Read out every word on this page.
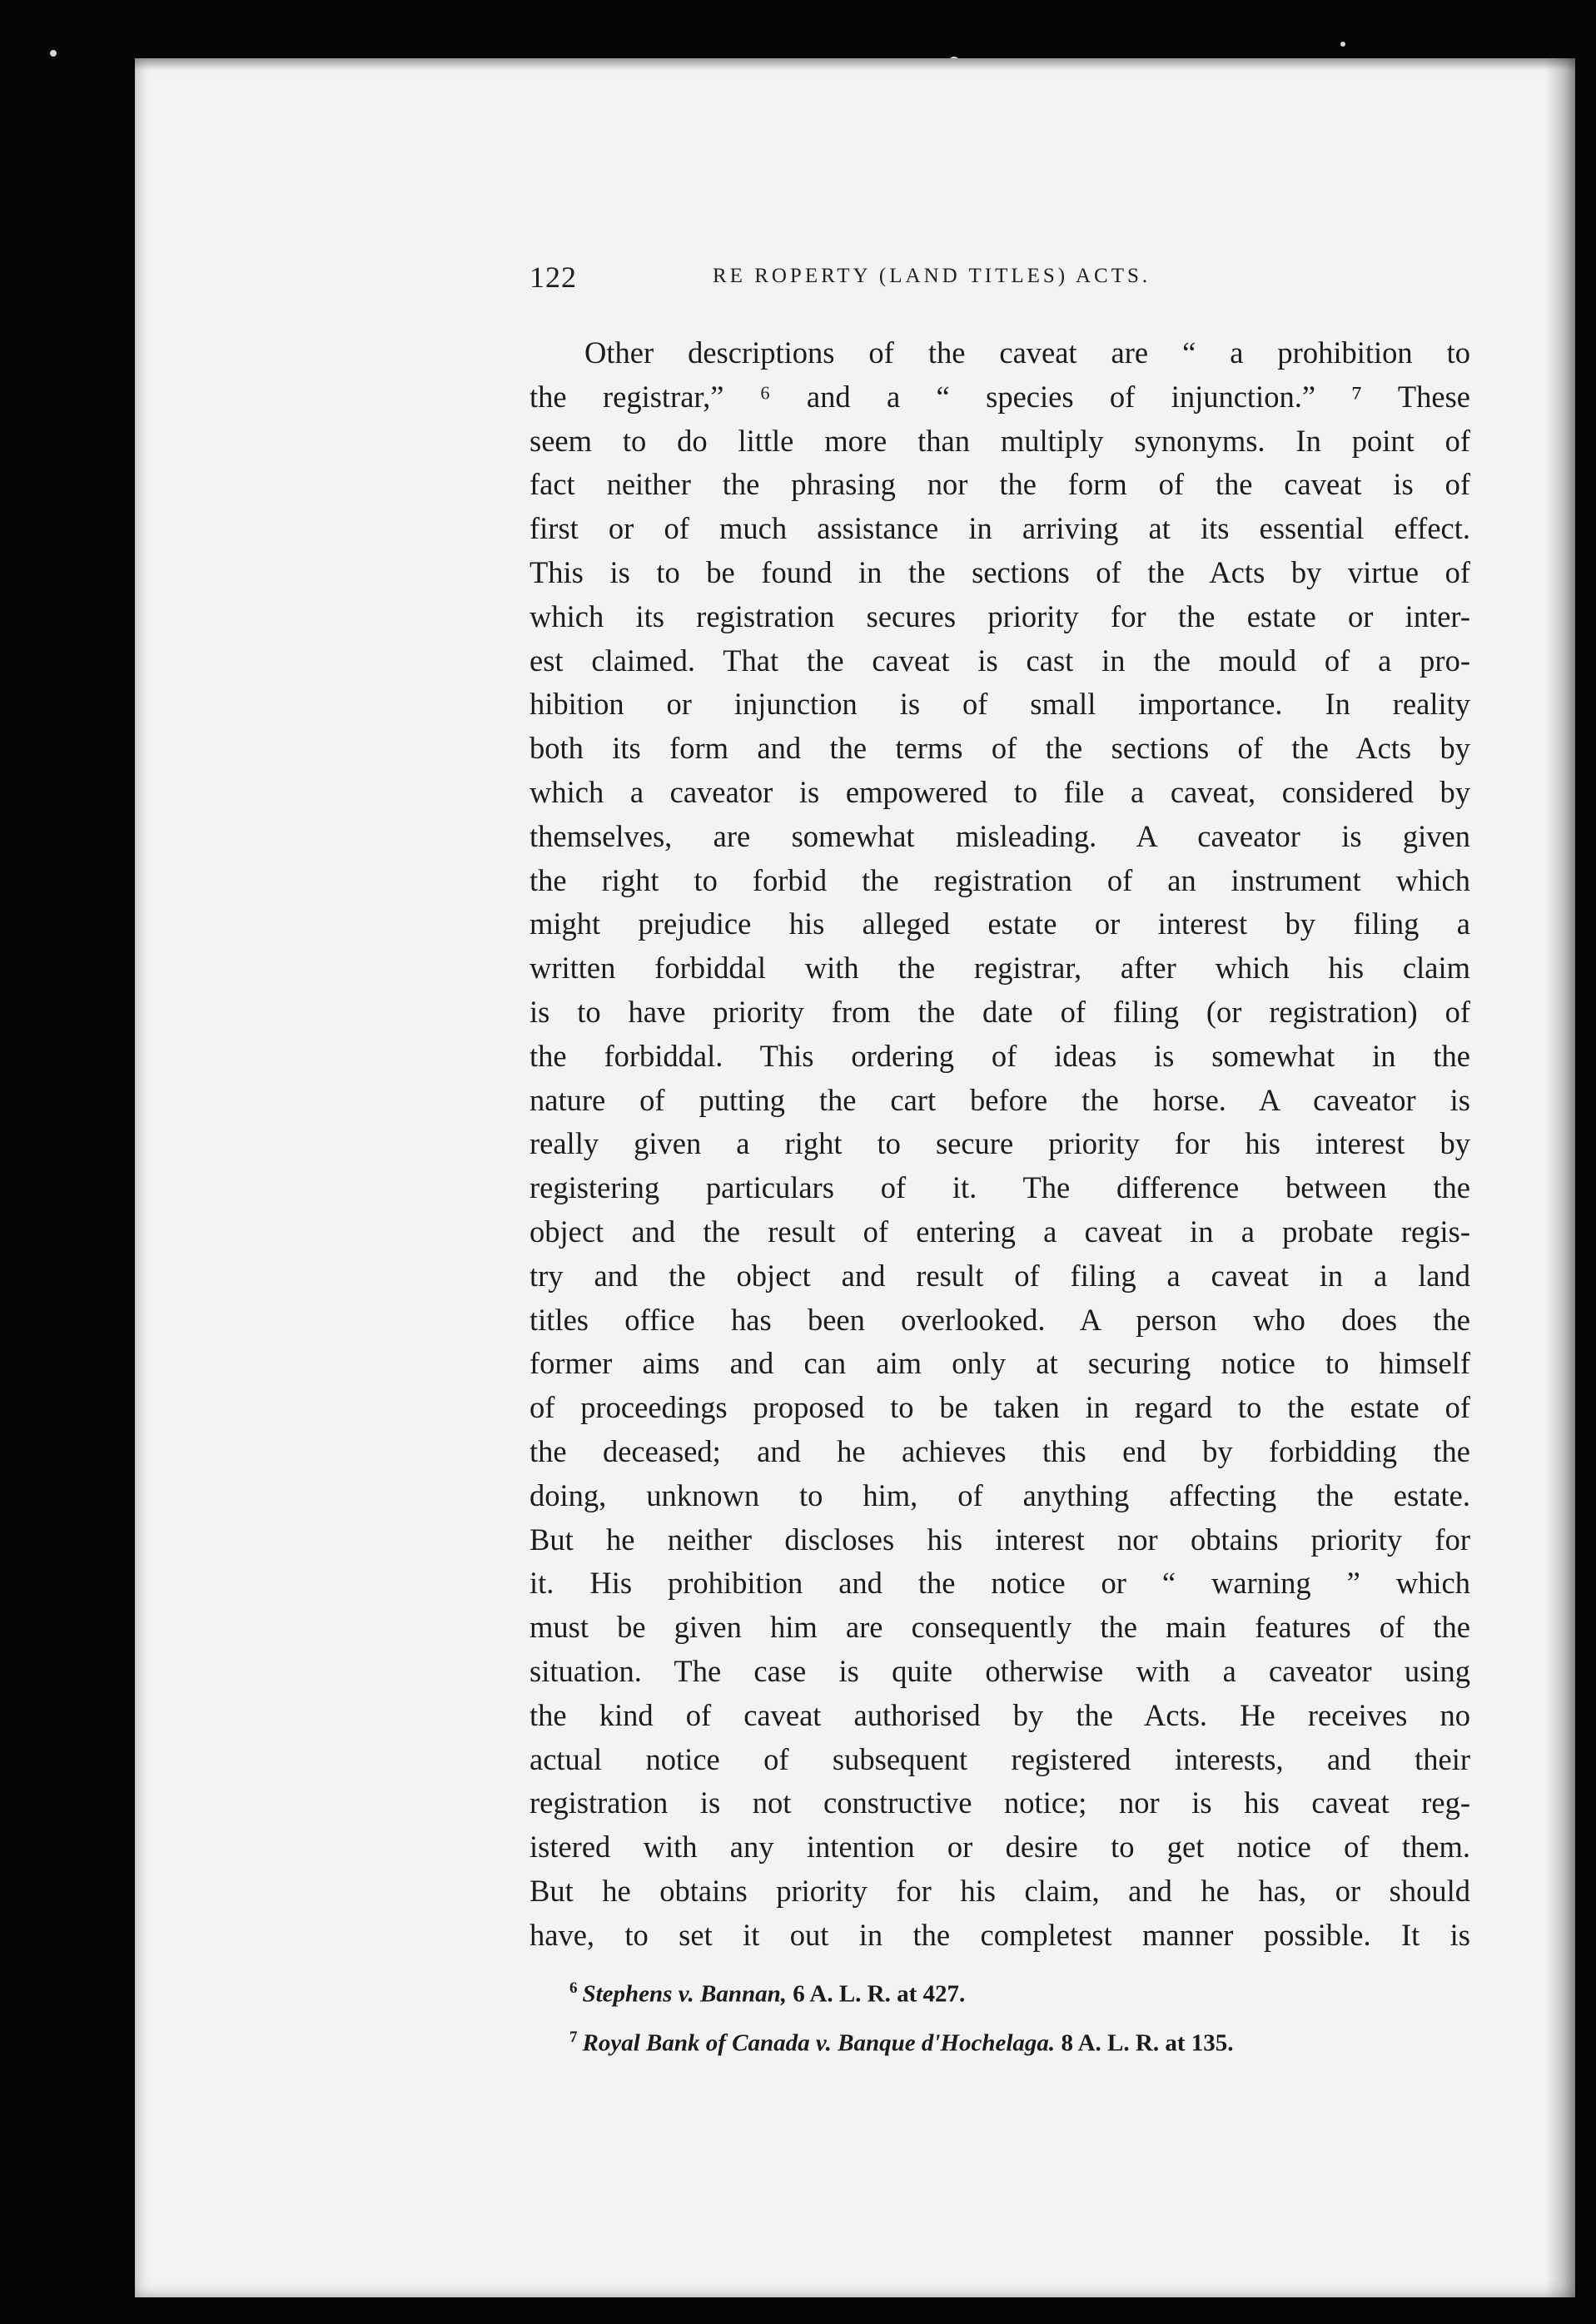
122	RE ROPERTY (LAND TITLES) ACTS.
Other descriptions of the caveat are “ a prohibition to
the registrar,” ⁶ and a “ species of injunction.” ⁷ These
seem to do little more than multiply synonyms. In point of
fact neither the phrasing nor the form of the caveat is of
first or of much assistance in arriving at its essential effect.
This is to be found in the sections of the Acts by virtue of
which its registration secures priority for the estate or inter-
est claimed. That the caveat is cast in the mould of a pro-
hibition or injunction is of small importance. In reality
both its form and the terms of the sections of the Acts by
which a caveator is empowered to file a caveat, considered by
themselves, are somewhat misleading. A caveator is given
the right to forbid the registration of an instrument which
might prejudice his alleged estate or interest by filing a
written forbiddal with the registrar, after which his claim
is to have priority from the date of filing (or registration) of
the forbiddal. This ordering of ideas is somewhat in the
nature of putting the cart before the horse. A caveator is
really given a right to secure priority for his interest by
registering particulars of it. The difference between the
object and the result of entering a caveat in a probate regis-
try and the object and result of filing a caveat in a land
titles office has been overlooked. A person who does the
former aims and can aim only at securing notice to himself
of proceedings proposed to be taken in regard to the estate of
the deceased; and he achieves this end by forbidding the
doing, unknown to him, of anything affecting the estate.
But he neither discloses his interest nor obtains priority for
it. His prohibition and the notice or “ warning ” which
must be given him are consequently the main features of the
situation. The case is quite otherwise with a caveator using
the kind of caveat authorised by the Acts. He receives no
actual notice of subsequent registered interests, and their
registration is not constructive notice; nor is his caveat reg-
istered with any intention or desire to get notice of them.
But he obtains priority for his claim, and he has, or should
have, to set it out in the completest manner possible. It is
$^6$ Stephens v. Bannan, 6 A. L. R. at 427.
$^7$ Royal Bank of Canada v. Banque d'Hochelaga. 8 A. L. R. at 135.
